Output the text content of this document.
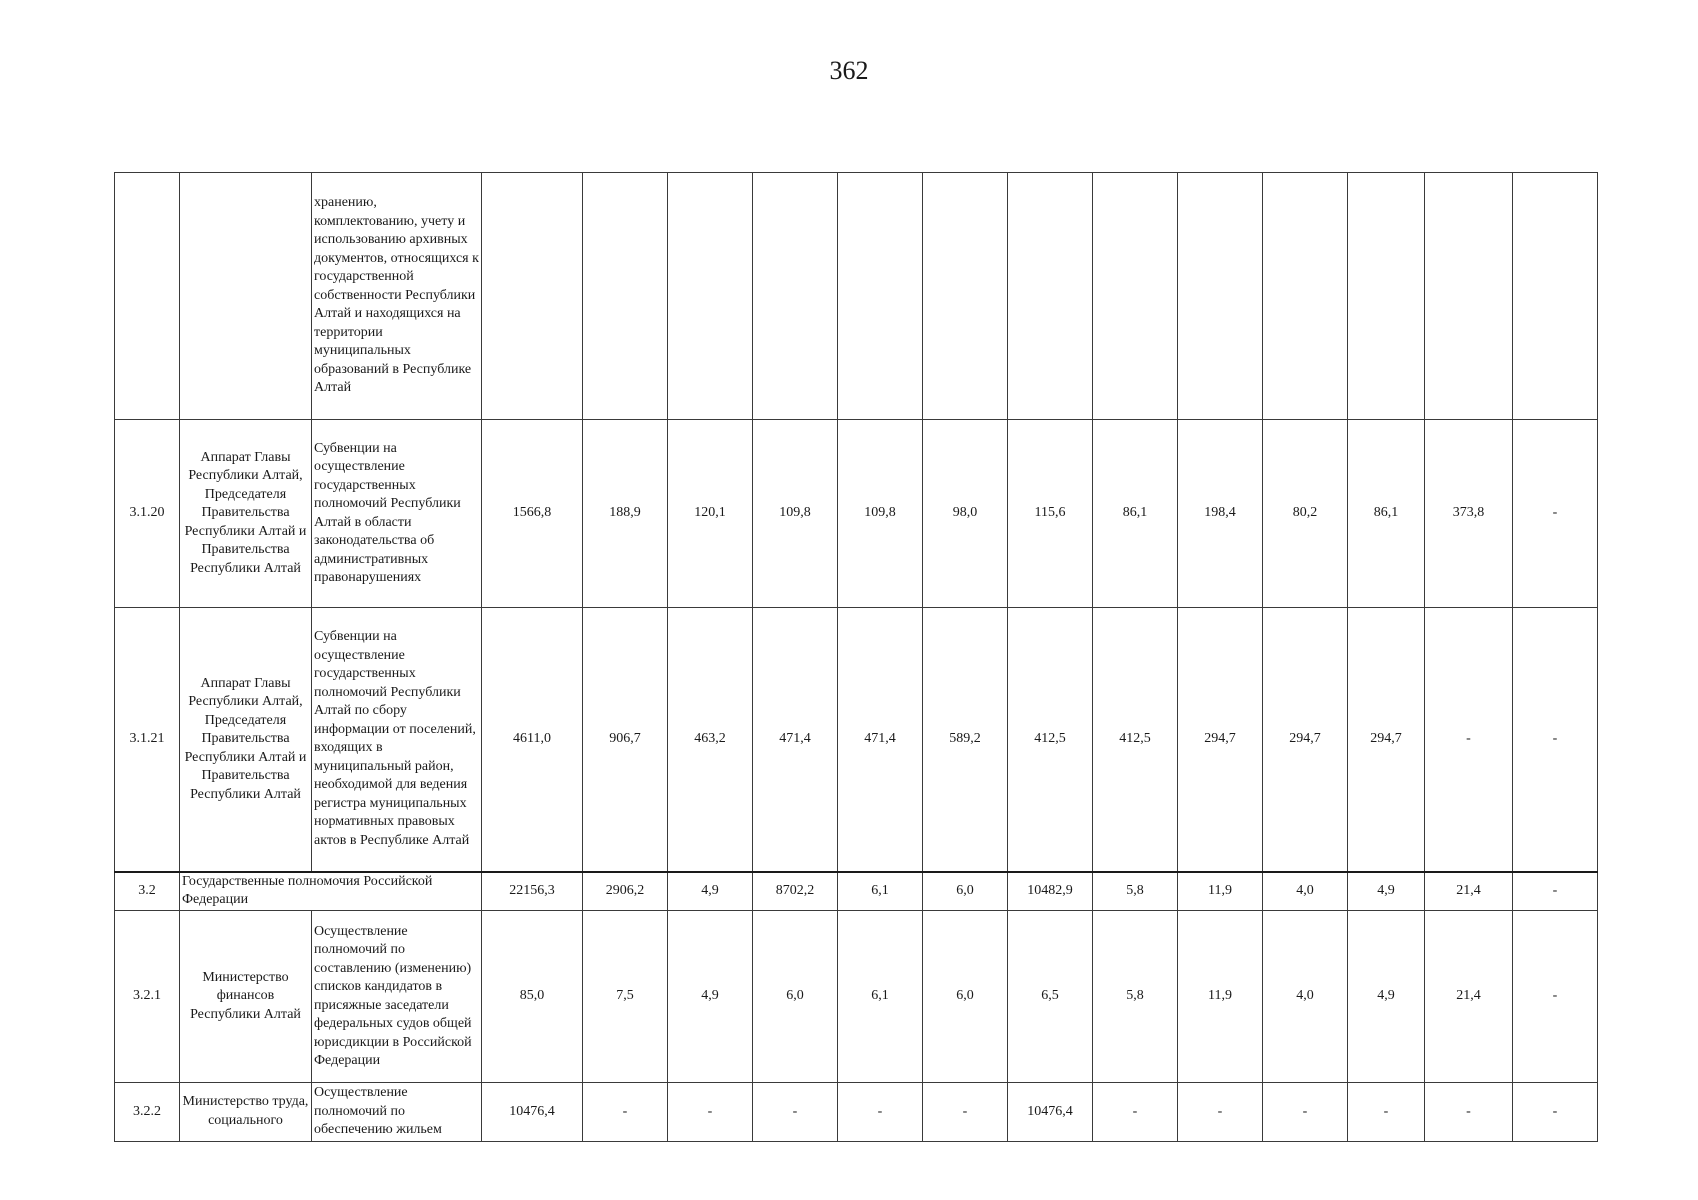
362
		хранению, комплектованию, учету и использованию архивных документов, относящихся к государственной собственности Республики Алтай и находящихся на территории муниципальных образований в Республике Алтай													
3.1.20	Аппарат Главы Республики Алтай, Председателя Правительства Республики Алтай и Правительства Республики Алтай	Субвенции на осуществление государственных полномочий Республики Алтай в области законодательства об административных правонарушениях	1566,8	188,9	120,1	109,8	109,8	98,0	115,6	86,1	198,4	80,2	86,1	373,8	-
3.1.21	Аппарат Главы Республики Алтай, Председателя Правительства Республики Алтай и Правительства Республики Алтай	Субвенции на осуществление государственных полномочий Республики Алтай по сбору информации от поселений, входящих в муниципальный район, необходимой для ведения регистра муниципальных нормативных правовых актов в Республике Алтай	4611,0	906,7	463,2	471,4	471,4	589,2	412,5	412,5	294,7	294,7	294,7	-	-
3.2	Государственные полномочия Российской Федерации		22156,3	2906,2	4,9	8702,2	6,1	6,0	10482,9	5,8	11,9	4,0	4,9	21,4	-
3.2.1	Министерство финансов Республики Алтай	Осуществление полномочий по составлению (изменению) списков кандидатов в присяжные заседатели федеральных судов общей юрисдикции в Российской Федерации	85,0	7,5	4,9	6,0	6,1	6,0	6,5	5,8	11,9	4,0	4,9	21,4	-
3.2.2	Министерство труда, социального	Осуществление полномочий по обеспечению жильем	10476,4	-	-	-	-	-	10476,4	-	-	-	-	-	-
